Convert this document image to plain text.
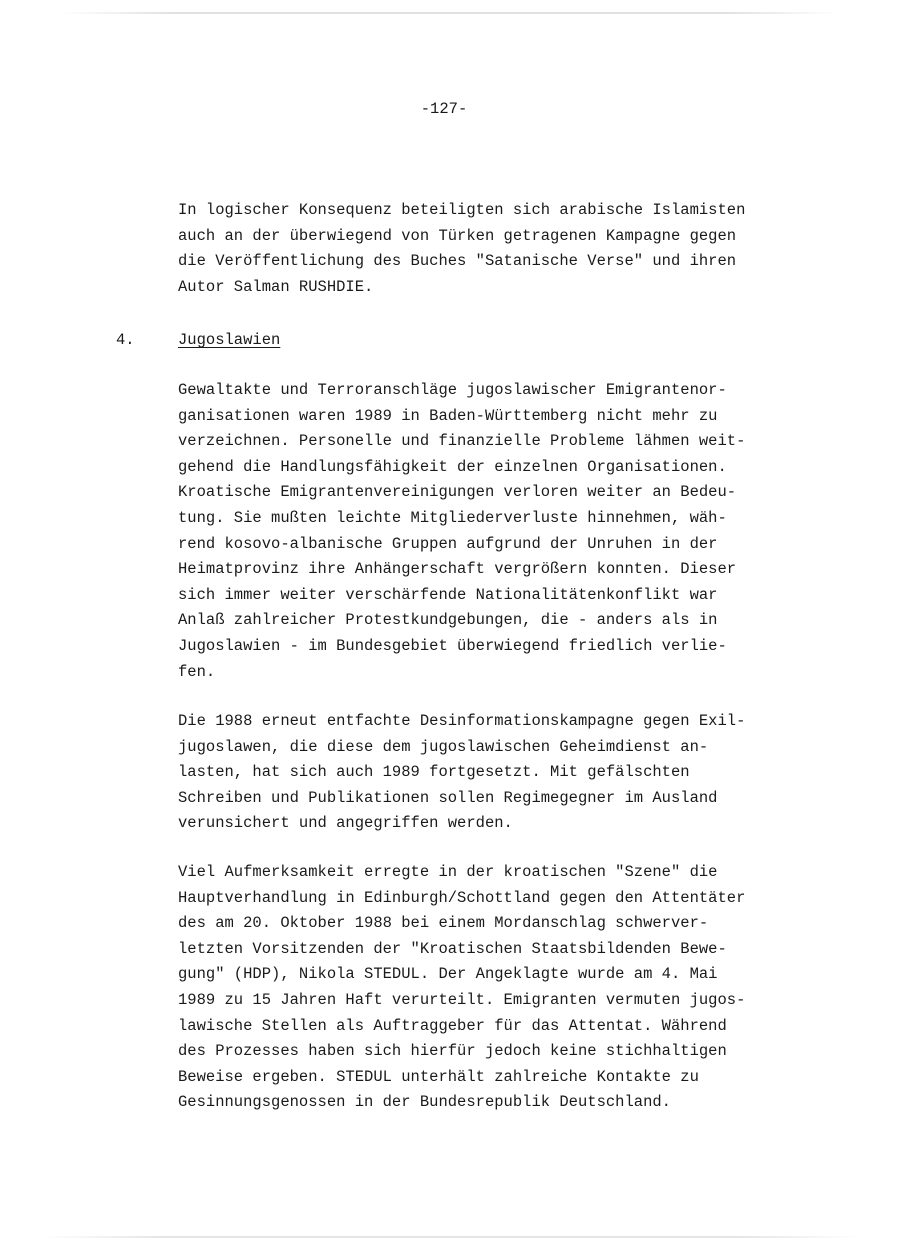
-127-
In logischer Konsequenz beteiligten sich arabische Islamisten
auch an der überwiegend von Türken getragenen Kampagne gegen
die Veröffentlichung des Buches "Satanische Verse" und ihren
Autor Salman RUSHDIE.
4.	Jugoslawien
Gewaltakte und Terroranschläge jugoslawischer Emigrantenor-
ganisationen waren 1989 in Baden-Württemberg nicht mehr zu
verzeichnen. Personelle und finanzielle Probleme lähmen weit-
gehend die Handlungsfähigkeit der einzelnen Organisationen.
Kroatische Emigrantenvereinigungen verloren weiter an Bedeu-
tung. Sie mußten leichte Mitgliederverluste hinnehmen, wäh-
rend kosovo-albanische Gruppen aufgrund der Unruhen in der
Heimatprovinz ihre Anhängerschaft vergrößern konnten. Dieser
sich immer weiter verschärfende Nationalitätenkonflikt war
Anlaß zahlreicher Protestkundgebungen, die - anders als in
Jugoslawien - im Bundesgebiet überwiegend friedlich verlie-
fen.
Die 1988 erneut entfachte Desinformationskampagne gegen Exil-
jugoslawen, die diese dem jugoslawischen Geheimdienst an-
lasten, hat sich auch 1989 fortgesetzt. Mit gefälschten
Schreiben und Publikationen sollen Regimegegner im Ausland
verunsichert und angegriffen werden.
Viel Aufmerksamkeit erregte in der kroatischen "Szene" die
Hauptverhandlung in Edinburgh/Schottland gegen den Attentäter
des am 20. Oktober 1988 bei einem Mordanschlag schwerver-
letzten Vorsitzenden der "Kroatischen Staatsbildenden Bewe-
gung" (HDP), Nikola STEDUL. Der Angeklagte wurde am 4. Mai
1989 zu 15 Jahren Haft verurteilt. Emigranten vermuten jugos-
lawische Stellen als Auftraggeber für das Attentat. Während
des Prozesses haben sich hierfür jedoch keine stichhaltigen
Beweise ergeben. STEDUL unterhält zahlreiche Kontakte zu
Gesinnungsgenossen in der Bundesrepublik Deutschland.
